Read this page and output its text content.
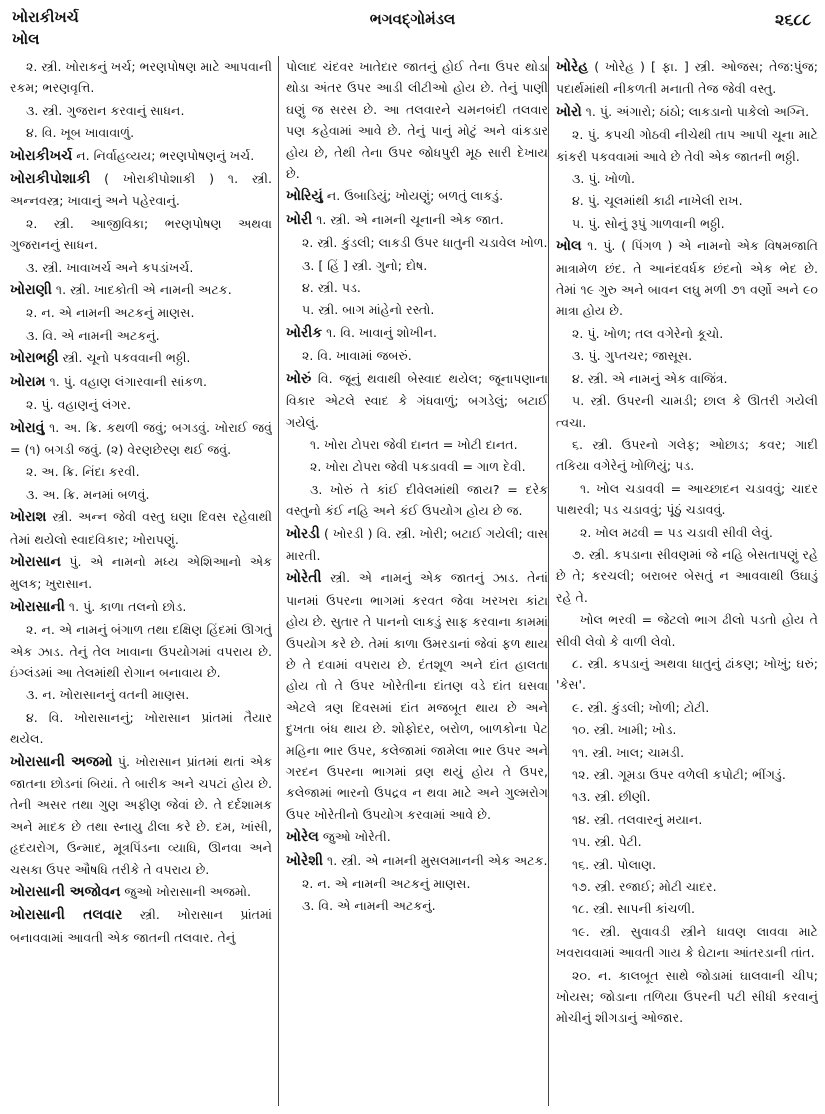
ખોરાકીખર્ચ
ખોલ
ભગવદ્ગોમંડલ	૨૬૮૮

૨. સ્ત્રી. ખોરાકનું ખર્ચ; ભરણપોષણ માટે આપવાની રકમ; ભરણવૃત્તિ.

૩. સ્ત્રી. ગુજરાન કરવાનું સાધન.

૪. વિ. ખૂબ ખાવાવાળું.

ખોરાકીખર્ચ ન. નિર્વાહવ્યય; ભરણપોષણનું ખર્ચ.

ખોરાકીપોશાકી ( ખોરાકીપોશાકી ) ૧. સ્ત્રી. અન્નવસ્ત્ર; ખાવાનું અને પહેરવાનું.

૨. સ્ત્રી. આજીવિકા; ભરણપોષણ અથવા ગુજરાનનું સાધન.

૩. સ્ત્રી. ખાવાખર્ચ અને કપડાંખર્ચ.

ખોરાણી ૧. સ્ત્રી. ખાદકોતી એ નામની અટક.

૨. ન. એ નામની અટકનું માણસ.

૩. વિ. એ નામની અટકનું.

ખોરાભઠ્ઠી સ્ત્રી. ચૂનો પકવવાની ભઠ્ઠી.

ખોરામ ૧. પું. વહાણ લંગારવાની સાંકળ.

૨. પું. વહાણનું લંગર.

ખોરાવું ૧. અ. ક્રિ. કથળી જવું; બગડવું. ખોરાઈ જવું = (૧) બગડી જવું. (૨) વેરણછેરણ થઈ જવું.

૨. અ. ક્રિ. નિંદા કરવી.

૩. અ. ક્રિ. મનમાં બળવું.

ખોરાશ સ્ત્રી. અન્ન જેવી વસ્તુ ઘણા દિવસ રહેવાથી તેમાં થયેલો સ્વાદવિકાર; ખોરાપણું.

ખોરાસાન પું. એ નામનો મધ્ય એશિઆનો એક મુલક; ખુરાસાન.

ખોરાસાની ૧. પું. કાળા તલનો છોડ.

૨. ન. એ નામનું બંગાળ તથા દક્ષિણ હિંદમાં ઊગતું એક ઝાડ. તેનું તેલ ખાવાના ઉપયોગમાં વપરાય છે. ઇંગ્લંડમાં આ તેલમાંથી રોગાન બનાવાય છે.

૩. ન. ખોરાસાનનું વતની માણસ.

૪. વિ. ખોરાસાનનું; ખોરાસાન પ્રાંતમાં તૈયાર થયેલ.

ખોરાસાની અજમો પું. ખોરાસાન પ્રાંતમાં થતાં એક જાતના છોડનાં બિયાં. તે બારીક અને ચપટાં હોય છે. તેની અસર તથા ગુણ અફીણ જેવાં છે. તે દર્દશામક અને માદક છે તથા સ્નાયુ ઢીલા કરે છે. દમ, ખાંસી, હૃદયરોગ, ઉન્માદ, મૂત્રપિંડના વ્યાધિ, ઊનવા અને ચસકા ઉપર ઔષધિ તરીકે તે વપરાય છે.

ખોરાસાની અજોવન જુઓ ખોરાસાની અજમો.

ખોરાસાની તલવાર સ્ત્રી. ખોરાસાન પ્રાંતમાં બનાવવામાં આવતી એક જાતની તલવાર. તેનું

પોલાદ ચંદવર ખાતેદાર જાતનું હોઈ તેના ઉપર થોડા થોડા અંતર ઉપર આડી લીટીઓ હોય છે. તેનું પાણી ઘણું જ સરસ છે. આ તલવારને ચમનબંદી તલવાર પણ કહેવામાં આવે છે. તેનું પાનું મોટું અને વાંકડાર હોય છે, તેથી તેના ઉપર જોધપુરી મૂઠ સારી દેખાય છે.

ખોરિયું ન. ઉબાડિયું; ખોયણું; બળતું લાકડું.

ખોરી ૧. સ્ત્રી. એ નામની ચૂનાની એક જાત.

૨. સ્ત્રી. કુંડલી; લાકડી ઉપર ધાતુની ચડાવેલ ખોળ.

૩. [ હિં ] સ્ત્રી. ગુનો; દોષ.

૪. સ્ત્રી. પડ.

૫. સ્ત્રી. બાગ માંહેનો રસ્તો.

ખોરીક ૧. વિ. ખાવાનું શોખીન.

૨. વિ. ખાવામાં જબરું.

ખોરું વિ. જૂનું થવાથી બેસ્વાદ થયેલ; જૂનાપણાના વિકાર એટલે સ્વાદ કે ગંધવાળું; બગડેલું; બટાઈ ગયેલું.

૧. ખોરા ટોપરા જેવી દાનત = ખોટી દાનત.

૨. ખોરા ટોપરા જેવી પકડાવવી = ગાળ દેવી.

૩. ખોરું તે કાંઈ દીવેલમાંથી જાય? = દરેક વસ્તુનો કંઈ નહિ અને કંઈ ઉપયોગ હોય છે જ.

ખોરડી ( ખોરડી ) વિ. સ્ત્રી. ખોરી; બટાઈ ગયેલી; વાસ મારતી.

ખોરેતી સ્ત્રી. એ નામનું એક જાતનું ઝાડ. તેનાં પાનમાં ઉપરના ભાગમાં કરવત જેવા ખરખરા કાંટા હોય છે. સુતાર તે પાનનો લાકડું સાફ કરવાના કામમાં ઉપયોગ કરે છે. તેમાં કાળા ઉમરડાનાં જેવાં ફળ થાય છે તે દવામાં વપરાય છે. દંતશૂળ અને દાંત હાલતા હોય તો તે ઉપર ખોરેતીના દાંતણ વડે દાંત ઘસવા એટલે ત્રણ દિવસમાં દાંત મજબૂત થાય છે અને દુખતા બંધ થાય છે. શોફોદર, બરોળ, બાળકોના પેટ મહિના ભાર ઉપર, કલેજામાં જામેલા ભાર ઉપર અને ગરદન ઉપરના ભાગમાં વ્રણ થયું હોય તે ઉપર, કલેજામાં ભારનો ઉપદ્રવ ન થવા માટે અને ગુલ્મરોગ ઉપર ખોરેતીનો ઉપયોગ કરવામાં આવે છે.

ખોરેલ જુઓ ખોરેતી.

ખોરેશી ૧. સ્ત્રી. એ નામની મુસલમાનની એક અટક.

૨. ન. એ નામની અટકનું માણસ.

૩. વિ. એ નામની અટકનું.

ખોરેહ ( ખોરેહ ) [ ફા. ] સ્ત્રી. ઓજસ; તેજ:પુંજ; પદાર્થમાંથી નીકળતી મનાતી તેજ જેવી વસ્તુ.

ખોરો ૧. પું. અંગારો; ઠાંઠો; લાકડાનો પાકેલો અગ્નિ.

૨. પું. કપચી ગોઠવી નીચેથી તાપ આપી ચૂના માટે કાંકરી પકવવામાં આવે છે તેવી એક જાતની ભઠ્ઠી.

૩. પું. ખોળો.

૪. પું. ચૂલમાંથી કાઢી નાખેલી રાખ.

૫. પું. સોનું રૂપું ગાળવાની ભઠ્ઠી.

ખોલ ૧. પું. ( પિંગળ ) એ નામનો એક વિષમજાતિ માત્રામેળ છંદ. તે આનંદવર્ધક છંદનો એક ભેદ છે. તેમાં ૧૯ ગુરુ અને બાવન લઘુ મળી ૭૧ વર્ણો અને ૯૦ માત્રા હોય છે.

૨. પું. ખોળ; તલ વગેરેનો કૂચો.

૩. પું. ગુપ્તચર; જાસૂસ.

૪. સ્ત્રી. એ નામનું એક વાજિંત્ર.

૫. સ્ત્રી. ઉપરની ચામડી; છાલ કે ઊતરી ગયેલી ત્વચા.

૬. સ્ત્રી. ઉપરનો ગલેફ; ઓછાડ; કવર; ગાદી તકિયા વગેરેનું ખોળિયું; પડ.

૧. ખોલ ચડાવવી = આચ્છાદન ચડાવવું; ચાદર પાથરવી; પડ ચડાવવું; પૂંઠું ચડાવવું.

૨. ખોલ મઢવી = પડ ચડાવી સીવી લેવું.

૭. સ્ત્રી. કપડાના સીવણમાં જે નહિ બેસતાપણું રહે છે તે; કરચલી; બરાબર બેસતું ન આવવાથી ઉઘાડું રહે તે.

ખોલ ભરવી = જેટલો ભાગ ઢીલો પડતો હોય તે સીવી લેવો કે વાળી લેવો.

૮. સ્ત્રી. કપડાનું અથવા ધાતુનું ઢાંકણ; ખોખું; ઘરું; 'કેસ'.

૯. સ્ત્રી. કુંડલી; ખોળી; ટોટી.

૧૦. સ્ત્રી. ખામી; ખોડ.

૧૧. સ્ત્રી. ખાલ; ચામડી.

૧૨. સ્ત્રી. ગૂમડા ઉપર વળેલી કપોટી; ભીંગડું.

૧૩. સ્ત્રી. છીણી.

૧૪. સ્ત્રી. તલવારનું મયાન.

૧૫. સ્ત્રી. પેટી.

૧૬. સ્ત્રી. પોલાણ.

૧૭. સ્ત્રી. રજાઈ; મોટી ચાદર.

૧૮. સ્ત્રી. સાપની કાંચળી.

૧૯. સ્ત્રી. સુવાવડી સ્ત્રીને ધાવણ લાવવા માટે ખવરાવવામાં આવતી ગાય કે ઘેટાના આંતરડાની તાંત.

૨૦. ન. કાલબૂત સાથે જોડામાં ઘાલવાની ચીપ; ખોયસ; જોડાના તળિયા ઉપરની પટી સીધી કરવાનું મોચીનું શીગડાનું ઓજાર.
